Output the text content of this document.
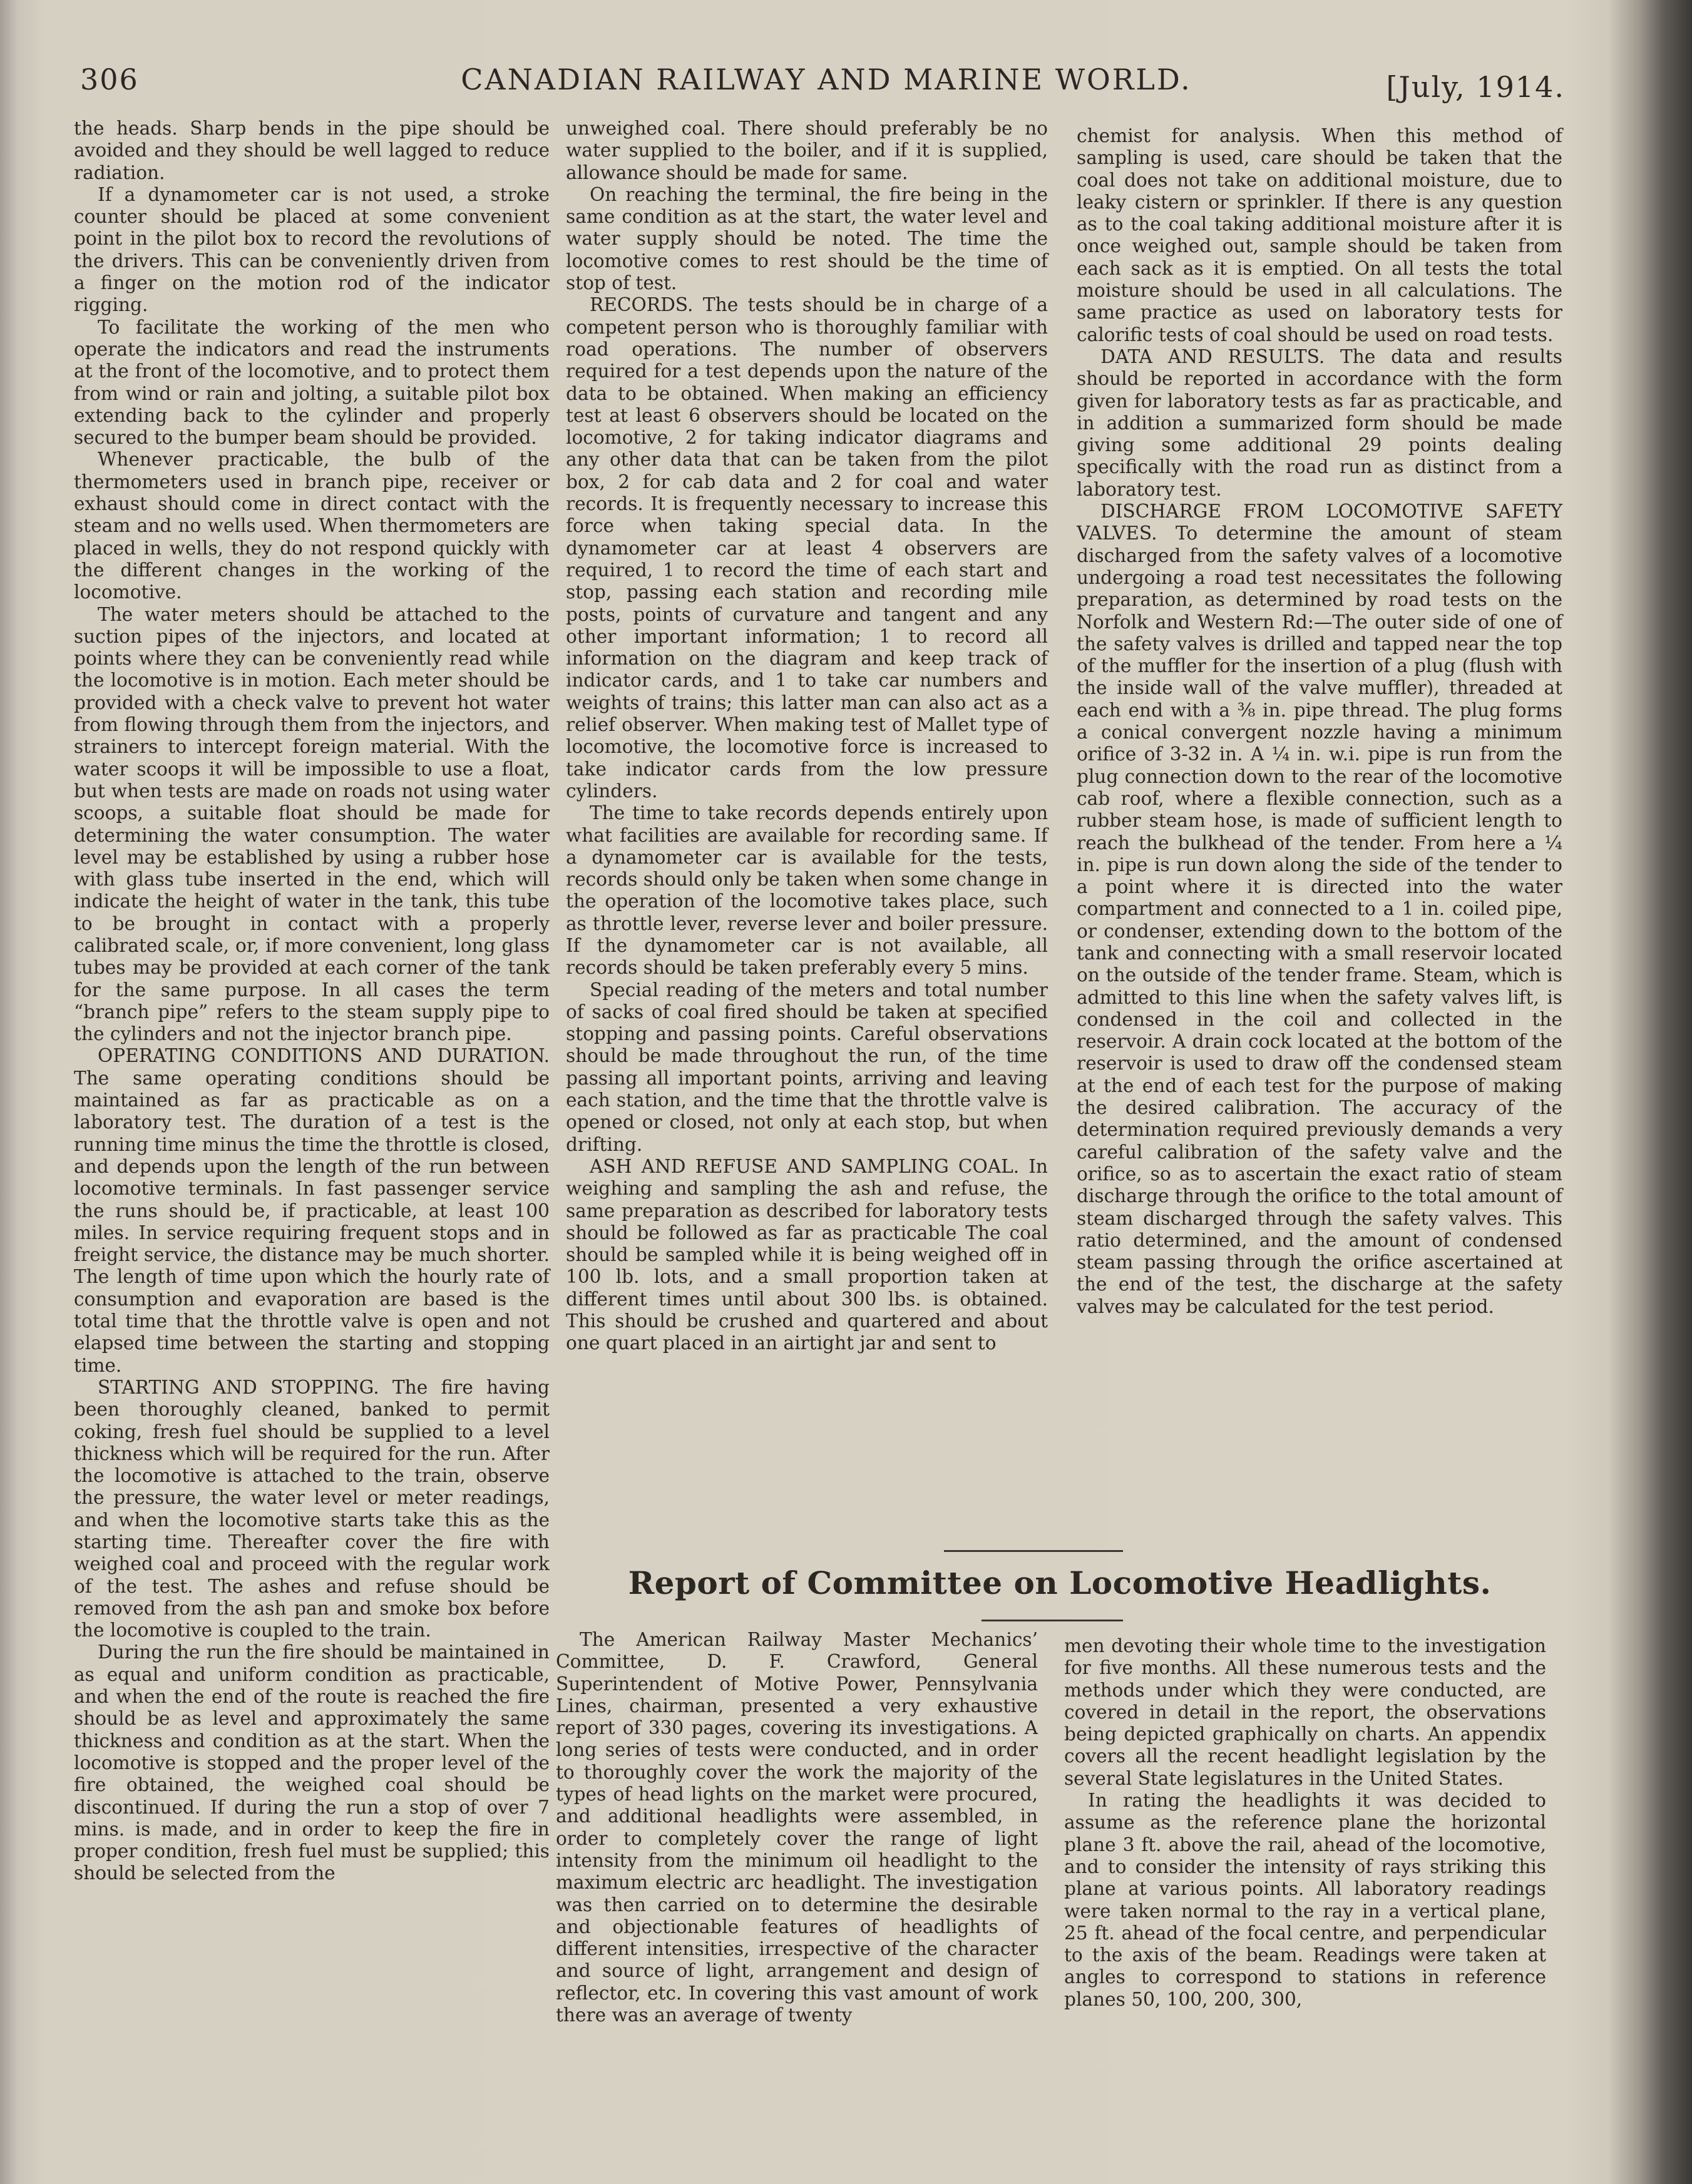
306	CANADIAN RAILWAY AND MARINE WORLD.	[July, 1914.

the heads. Sharp bends in the pipe should be avoided and they should be well lagged to reduce radiation.

If a dynamometer car is not used, a stroke counter should be placed at some convenient point in the pilot box to record the revolutions of the drivers. This can be conveniently driven from a finger on the motion rod of the indicator rigging.

To facilitate the working of the men who operate the indicators and read the instruments at the front of the locomotive, and to protect them from wind or rain and jolting, a suitable pilot box extending back to the cylinder and properly secured to the bumper beam should be provided.

Whenever practicable, the bulb of the thermometers used in branch pipe, receiver or exhaust should come in direct contact with the steam and no wells used. When thermometers are placed in wells, they do not respond quickly with the different changes in the working of the locomotive.

The water meters should be attached to the suction pipes of the injectors, and located at points where they can be conveniently read while the locomotive is in motion. Each meter should be provided with a check valve to prevent hot water from flowing through them from the injectors, and strainers to intercept foreign material. With the water scoops it will be impossible to use a float, but when tests are made on roads not using water scoops, a suitable float should be made for determining the water consumption. The water level may be established by using a rubber hose with glass tube inserted in the end, which will indicate the height of water in the tank, this tube to be brought in contact with a properly calibrated scale, or, if more convenient, long glass tubes may be provided at each corner of the tank for the same purpose. In all cases the term “branch pipe” refers to the steam supply pipe to the cylinders and not the injector branch pipe.

OPERATING CONDITIONS AND DURATION. The same operating conditions should be maintained as far as practicable as on a laboratory test. The duration of a test is the running time minus the time the throttle is closed, and depends upon the length of the run between locomotive terminals. In fast passenger service the runs should be, if practicable, at least 100 miles. In service requiring frequent stops and in freight service, the distance may be much shorter. The length of time upon which the hourly rate of consumption and evaporation are based is the total time that the throttle valve is open and not elapsed time between the starting and stopping time.

STARTING AND STOPPING. The fire having been thoroughly cleaned, banked to permit coking, fresh fuel should be supplied to a level thickness which will be required for the run. After the locomotive is attached to the train, observe the pressure, the water level or meter readings, and when the locomotive starts take this as the starting time. Thereafter cover the fire with weighed coal and proceed with the regular work of the test. The ashes and refuse should be removed from the ash pan and smoke box before the locomotive is coupled to the train.

During the run the fire should be maintained in as equal and uniform condition as practicable, and when the end of the route is reached the fire should be as level and approximately the same thickness and condition as at the start. When the locomotive is stopped and the proper level of the fire obtained, the weighed coal should be discontinued. If during the run a stop of over 7 mins. is made, and in order to keep the fire in proper condition, fresh fuel must be supplied; this should be selected from the

unweighed coal. There should preferably be no water supplied to the boiler, and if it is supplied, allowance should be made for same.

On reaching the terminal, the fire being in the same condition as at the start, the water level and water supply should be noted. The time the locomotive comes to rest should be the time of stop of test.

RECORDS. The tests should be in charge of a competent person who is thoroughly familiar with road operations. The number of observers required for a test depends upon the nature of the data to be obtained. When making an efficiency test at least 6 observers should be located on the locomotive, 2 for taking indicator diagrams and any other data that can be taken from the pilot box, 2 for cab data and 2 for coal and water records. It is frequently necessary to increase this force when taking special data. In the dynamometer car at least 4 observers are required, 1 to record the time of each start and stop, passing each station and recording mile posts, points of curvature and tangent and any other important information; 1 to record all information on the diagram and keep track of indicator cards, and 1 to take car numbers and weights of trains; this latter man can also act as a relief observer. When making test of Mallet type of locomotive, the locomotive force is increased to take indicator cards from the low pressure cylinders.

The time to take records depends entirely upon what facilities are available for recording same. If a dynamometer car is available for the tests, records should only be taken when some change in the operation of the locomotive takes place, such as throttle lever, reverse lever and boiler pressure. If the dynamometer car is not available, all records should be taken preferably every 5 mins.

Special reading of the meters and total number of sacks of coal fired should be taken at specified stopping and passing points. Careful observations should be made throughout the run, of the time passing all important points, arriving and leaving each station, and the time that the throttle valve is opened or closed, not only at each stop, but when drifting.

ASH AND REFUSE AND SAMPLING COAL. In weighing and sampling the ash and refuse, the same preparation as described for laboratory tests should be followed as far as practicable The coal should be sampled while it is being weighed off in 100 lb. lots, and a small proportion taken at different times until about 300 lbs. is obtained. This should be crushed and quartered and about one quart placed in an airtight jar and sent to

chemist for analysis. When this method of sampling is used, care should be taken that the coal does not take on additional moisture, due to leaky cistern or sprinkler. If there is any question as to the coal taking additional moisture after it is once weighed out, sample should be taken from each sack as it is emptied. On all tests the total moisture should be used in all calculations. The same practice as used on laboratory tests for calorific tests of coal should be used on road tests.

DATA AND RESULTS. The data and results should be reported in accordance with the form given for laboratory tests as far as practicable, and in addition a summarized form should be made giving some additional 29 points dealing specifically with the road run as distinct from a laboratory test.

DISCHARGE FROM LOCOMOTIVE SAFETY VALVES. To determine the amount of steam discharged from the safety valves of a locomotive undergoing a road test necessitates the following preparation, as determined by road tests on the Norfolk and Western Rd:—The outer side of one of the safety valves is drilled and tapped near the top of the muffler for the insertion of a plug (flush with the inside wall of the valve muffler), threaded at each end with a ⅜ in. pipe thread. The plug forms a conical convergent nozzle having a minimum orifice of 3-32 in. A ¼ in. w.i. pipe is run from the plug connection down to the rear of the locomotive cab roof, where a flexible connection, such as a rubber steam hose, is made of sufficient length to reach the bulkhead of the tender. From here a ¼ in. pipe is run down along the side of the tender to a point where it is directed into the water compartment and connected to a 1 in. coiled pipe, or condenser, extending down to the bottom of the tank and connecting with a small reservoir located on the outside of the tender frame. Steam, which is admitted to this line when the safety valves lift, is condensed in the coil and collected in the reservoir. A drain cock located at the bottom of the reservoir is used to draw off the condensed steam at the end of each test for the purpose of making the desired calibration. The accuracy of the determination required previously demands a very careful calibration of the safety valve and the orifice, so as to ascertain the exact ratio of steam discharge through the orifice to the total amount of steam discharged through the safety valves. This ratio determined, and the amount of condensed steam passing through the orifice ascertained at the end of the test, the discharge at the safety valves may be calculated for the test period.

Report of Committee on Locomotive Headlights.

The American Railway Master Mechanics’ Committee, D. F. Crawford, General Superintendent of Motive Power, Pennsylvania Lines, chairman, presented a very exhaustive report of 330 pages, covering its investigations. A long series of tests were conducted, and in order to thoroughly cover the work the majority of the types of head lights on the market were procured, and additional headlights were assembled, in order to completely cover the range of light intensity from the minimum oil headlight to the maximum electric arc headlight. The investigation was then carried on to determine the desirable and objectionable features of headlights of different intensities, irrespective of the character and source of light, arrangement and design of reflector, etc. In covering this vast amount of work there was an average of twenty

men devoting their whole time to the investigation for five months. All these numerous tests and the methods under which they were conducted, are covered in detail in the report, the observations being depicted graphically on charts. An appendix covers all the recent headlight legislation by the several State legislatures in the United States.

In rating the headlights it was decided to assume as the reference plane the horizontal plane 3 ft. above the rail, ahead of the locomotive, and to consider the intensity of rays striking this plane at various points. All laboratory readings were taken normal to the ray in a vertical plane, 25 ft. ahead of the focal centre, and perpendicular to the axis of the beam. Readings were taken at angles to correspond to stations in reference planes 50, 100, 200, 300,
